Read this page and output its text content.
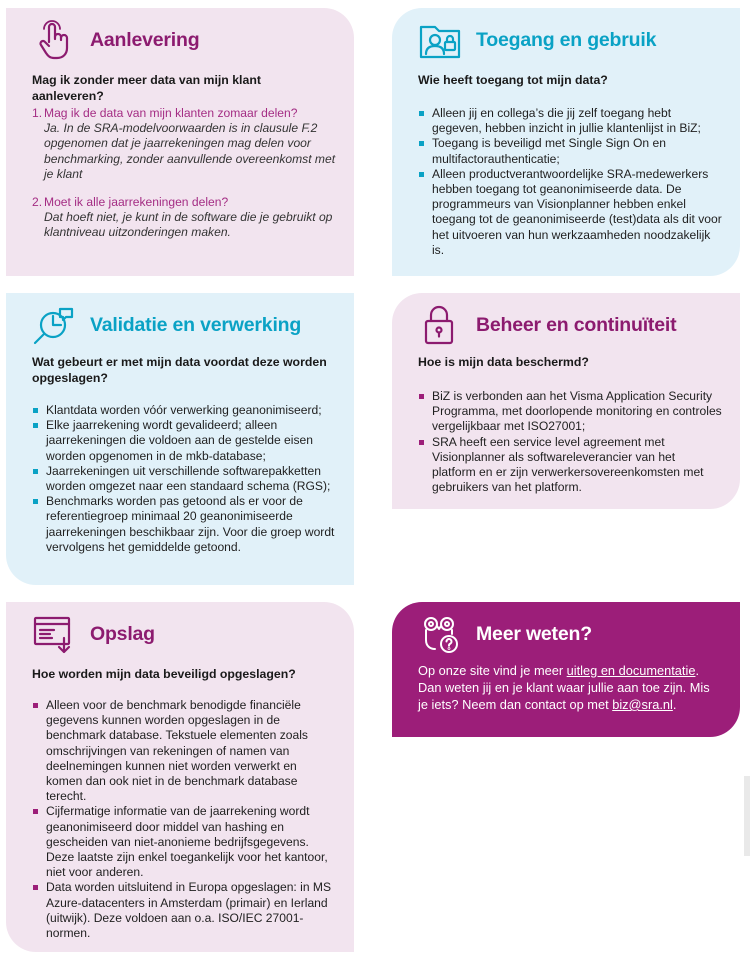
Aanlevering
Mag ik zonder meer data van mijn klant aanleveren?
1. Mag ik de data van mijn klanten zomaar delen?
Ja. In de SRA-modelvoorwaarden is in clausule F.2 opgenomen dat je jaarrekeningen mag delen voor benchmarking, zonder aanvullende overeenkomst met je klant
2. Moet ik alle jaarrekeningen delen?
Dat hoeft niet, je kunt in de software die je gebruikt op klantniveau uitzonderingen maken.
Toegang en gebruik
Wie heeft toegang tot mijn data?
Alleen jij en collega’s die jij zelf toegang hebt gegeven, hebben inzicht in jullie klantenlijst in BiZ;
Toegang is beveiligd met Single Sign On en multifactorauthenticatie;
Alleen productverantwoordelijke SRA-medewerkers hebben toegang tot geanonimiseerde data. De programmeurs van Visionplanner hebben enkel toegang tot de geanonimiseerde (test)data als dit voor het uitvoeren van hun werkzaamheden noodzakelijk is.
Validatie en verwerking
Wat gebeurt er met mijn data voordat deze worden opgeslagen?
Klantdata worden vóór verwerking geanonimiseerd;
Elke jaarrekening wordt gevalideerd; alleen jaarrekeningen die voldoen aan de gestelde eisen worden opgenomen in de mkb-database;
Jaarrekeningen uit verschillende softwarepakketten worden omgezet naar een standaard schema (RGS);
Benchmarks worden pas getoond als er voor de referentiegroep minimaal 20 geanonimiseerde jaarrekeningen beschikbaar zijn. Voor die groep wordt vervolgens het gemiddelde getoond.
Beheer en continuïteit
Hoe is mijn data beschermd?
BiZ is verbonden aan het Visma Application Security Programma, met doorlopende monitoring en controles vergelijkbaar met ISO27001;
SRA heeft een service level agreement met Visionplanner als softwareleverancier van het platform en er zijn verwerkersovereenkomsten met gebruikers van het platform.
Opslag
Hoe worden mijn data beveiligd opgeslagen?
Alleen voor de benchmark benodigde financiële gegevens kunnen worden opgeslagen in de benchmark database. Tekstuele elementen zoals omschrijvingen van rekeningen of namen van deelnemingen kunnen niet worden verwerkt en komen dan ook niet in de benchmark database terecht.
Cijfermatige informatie van de jaarrekening wordt geanonimiseerd door middel van hashing en gescheiden van niet-anonieme bedrijfsgegevens. Deze laatste zijn enkel toegankelijk voor het kantoor, niet voor anderen.
Data worden uitsluitend in Europa opgeslagen: in MS Azure-datacenters in Amsterdam (primair) en Ierland (uitwijk). Deze voldoen aan o.a. ISO/IEC 27001-normen.
Meer weten?
Op onze site vind je meer uitleg en documentatie. Dan weten jij en je klant waar jullie aan toe zijn. Mis je iets? Neem dan contact op met biz@sra.nl.
